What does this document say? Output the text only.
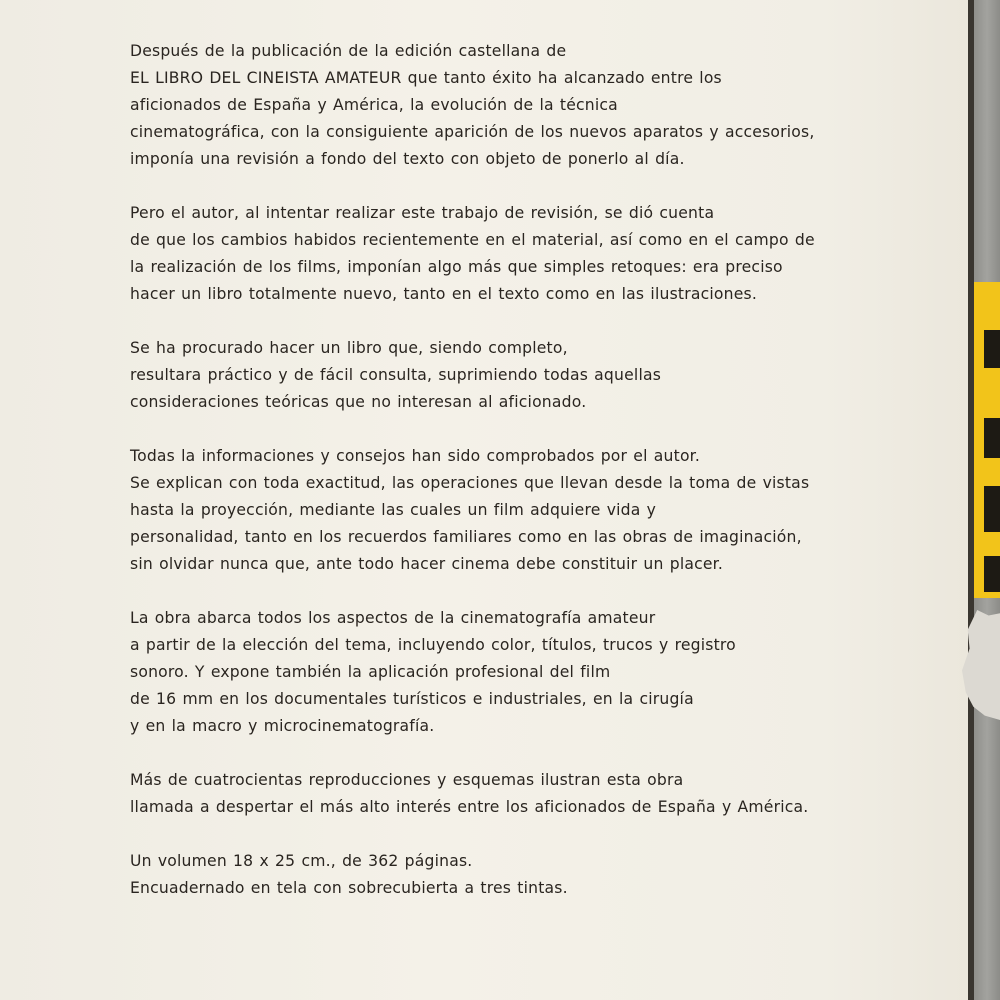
Después de la publicación de la edición castellana de
EL LIBRO DEL CINEISTA AMATEUR que tanto éxito ha alcanzado entre los
aficionados de España y América, la evolución de la técnica
cinematográfica, con la consiguiente aparición de los nuevos aparatos y accesorios,
imponía una revisión a fondo del texto con objeto de ponerlo al día.

Pero el autor, al intentar realizar este trabajo de revisión, se dió cuenta
de que los cambios habidos recientemente en el material, así como en el campo de
la realización de los films, imponían algo más que simples retoques: era preciso
hacer un libro totalmente nuevo, tanto en el texto como en las ilustraciones.

Se ha procurado hacer un libro que, siendo completo,
resultara práctico y de fácil consulta, suprimiendo todas aquellas
consideraciones teóricas que no interesan al aficionado.

Todas la informaciones y consejos han sido comprobados por el autor.
Se explican con toda exactitud, las operaciones que llevan desde la toma de vistas
hasta la proyección, mediante las cuales un film adquiere vida y
personalidad, tanto en los recuerdos familiares como en las obras de imaginación,
sin olvidar nunca que, ante todo hacer cinema debe constituir un placer.

La obra abarca todos los aspectos de la cinematografía amateur
a partir de la elección del tema, incluyendo color, títulos, trucos y registro
sonoro. Y expone también la aplicación profesional del film
de 16 mm en los documentales turísticos e industriales, en la cirugía
y en la macro y microcinematografía.

Más de cuatrocientas reproducciones y esquemas ilustran esta obra
llamada a despertar el más alto interés entre los aficionados de España y América.

Un volumen 18 x 25 cm., de 362 páginas.
Encuadernado en tela con sobrecubierta a tres tintas.
